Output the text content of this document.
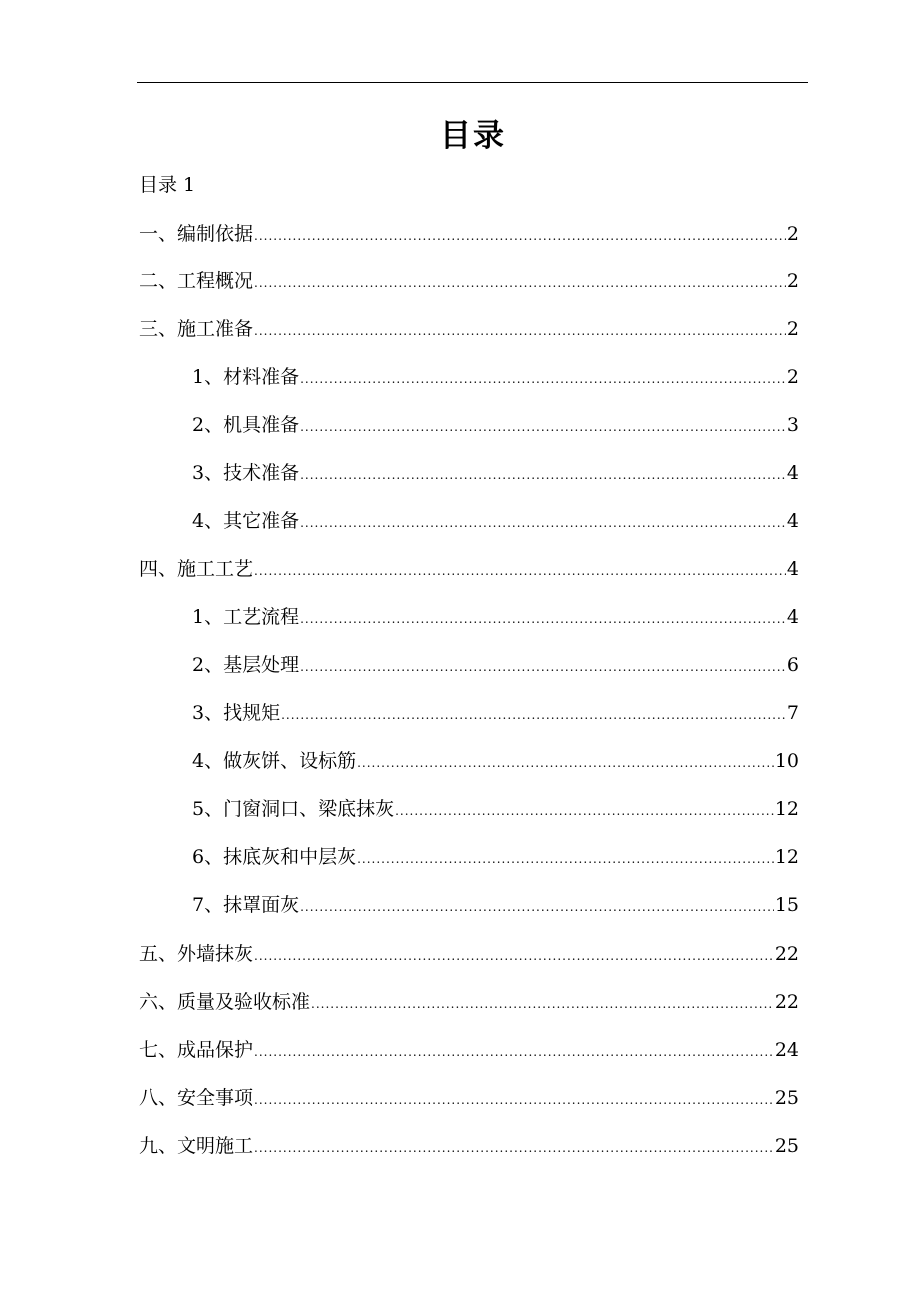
目录
目录 1
一、编制依据 .....	2
二、工程概况 .....	2
三、施工准备 .....	2
1、材料准备 .....	2
2、机具准备 .....	3
3、技术准备 .....	4
4、其它准备 .....	4
四、施工工艺 .....	4
1、工艺流程 .....	4
2、基层处理 .....	6
3、找规矩 .....	7
4、做灰饼、设标筋 .....	10
5、门窗洞口、梁底抹灰 .....	12
6、抹底灰和中层灰 .....	12
7、抹罩面灰 .....	15
五、外墙抹灰 .....	22
六、质量及验收标准 .....	22
七、成品保护 .....	24
八、安全事项 .....	25
九、文明施工 .....	25
